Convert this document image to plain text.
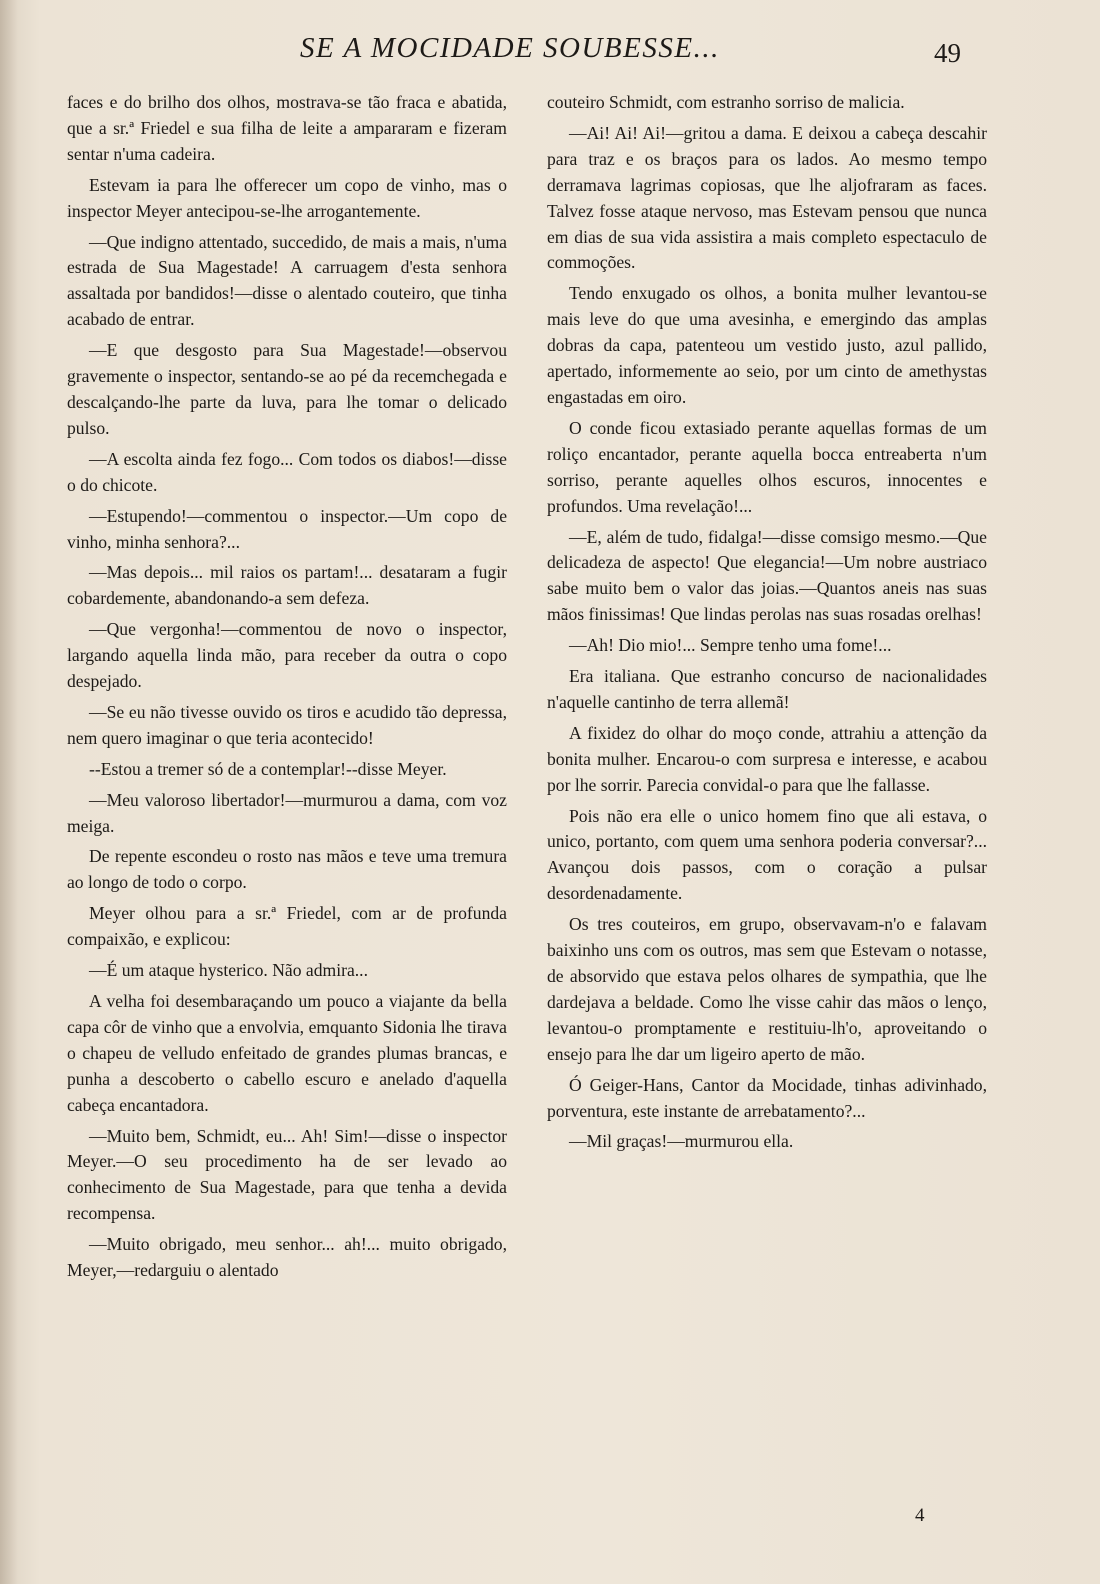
SE A MOCIDADE SOUBESSE...	49

faces e do brilho dos olhos, mostrava-se tão fraca e abatida, que a sr.ª Friedel e sua filha de leite a ampararam e fizeram sentar n'uma cadeira.

Estevam ia para lhe offerecer um copo de vinho, mas o inspector Meyer antecipou-se-lhe arrogantemente.

—Que indigno attentado, succedido, de mais a mais, n'uma estrada de Sua Magestade! A carruagem d'esta senhora assaltada por bandidos!—disse o alentado couteiro, que tinha acabado de entrar.

—E que desgosto para Sua Magestade!—observou gravemente o inspector, sentando-se ao pé da recemchegada e descalçando-lhe parte da luva, para lhe tomar o delicado pulso.

—A escolta ainda fez fogo... Com todos os diabos!—disse o do chicote.

—Estupendo!—commentou o inspector.—Um copo de vinho, minha senhora?...

—Mas depois... mil raios os partam!... desataram a fugir cobardemente, abandonando-a sem defeza.

—Que vergonha!—commentou de novo o inspector, largando aquella linda mão, para receber da outra o copo despejado.

—Se eu não tivesse ouvido os tiros e acudido tão depressa, nem quero imaginar o que teria acontecido!

--Estou a tremer só de a contemplar!--disse Meyer.

—Meu valoroso libertador!—murmurou a dama, com voz meiga.

De repente escondeu o rosto nas mãos e teve uma tremura ao longo de todo o corpo.

Meyer olhou para a sr.ª Friedel, com ar de profunda compaixão, e explicou:

—É um ataque hysterico. Não admira...

A velha foi desembaraçando um pouco a viajante da bella capa côr de vinho que a envolvia, emquanto Sidonia lhe tirava o chapeu de velludo enfeitado de grandes plumas brancas, e punha a descoberto o cabello escuro e anelado d'aquella cabeça encantadora.

—Muito bem, Schmidt, eu... Ah! Sim!—disse o inspector Meyer.—O seu procedimento ha de ser levado ao conhecimento de Sua Magestade, para que tenha a devida recompensa.

—Muito obrigado, meu senhor... ah!... muito obrigado, Meyer,—redarguiu o alentado

couteiro Schmidt, com estranho sorriso de malicia.

—Ai! Ai! Ai!—gritou a dama. E deixou a cabeça descahir para traz e os braços para os lados. Ao mesmo tempo derramava lagrimas copiosas, que lhe aljofraram as faces. Talvez fosse ataque nervoso, mas Estevam pensou que nunca em dias de sua vida assistira a mais completo espectaculo de commoções.

Tendo enxugado os olhos, a bonita mulher levantou-se mais leve do que uma avesinha, e emergindo das amplas dobras da capa, patenteou um vestido justo, azul pallido, apertado, informemente ao seio, por um cinto de amethystas engastadas em oiro.

O conde ficou extasiado perante aquellas formas de um roliço encantador, perante aquella bocca entreaberta n'um sorriso, perante aquelles olhos escuros, innocentes e profundos. Uma revelação!...

—E, além de tudo, fidalga!—disse comsigo mesmo.—Que delicadeza de aspecto! Que elegancia!—Um nobre austriaco sabe muito bem o valor das joias.—Quantos aneis nas suas mãos finissimas! Que lindas perolas nas suas rosadas orelhas!

—Ah! Dio mio!... Sempre tenho uma fome!...

Era italiana. Que estranho concurso de nacionalidades n'aquelle cantinho de terra allemã!

A fixidez do olhar do moço conde, attrahiu a attenção da bonita mulher. Encarou-o com surpresa e interesse, e acabou por lhe sorrir. Parecia convidal-o para que lhe fallasse.

Pois não era elle o unico homem fino que ali estava, o unico, portanto, com quem uma senhora poderia conversar?... Avançou dois passos, com o coração a pulsar desordenadamente.

Os tres couteiros, em grupo, observavam-n'o e falavam baixinho uns com os outros, mas sem que Estevam o notasse, de absorvido que estava pelos olhares de sympathia, que lhe dardejava a beldade. Como lhe visse cahir das mãos o lenço, levantou-o promptamente e restituiu-lh'o, aproveitando o ensejo para lhe dar um ligeiro aperto de mão.

Ó Geiger-Hans, Cantor da Mocidade, tinhas adivinhado, porventura, este instante de arrebatamento?...

—Mil graças!—murmurou ella.

4
